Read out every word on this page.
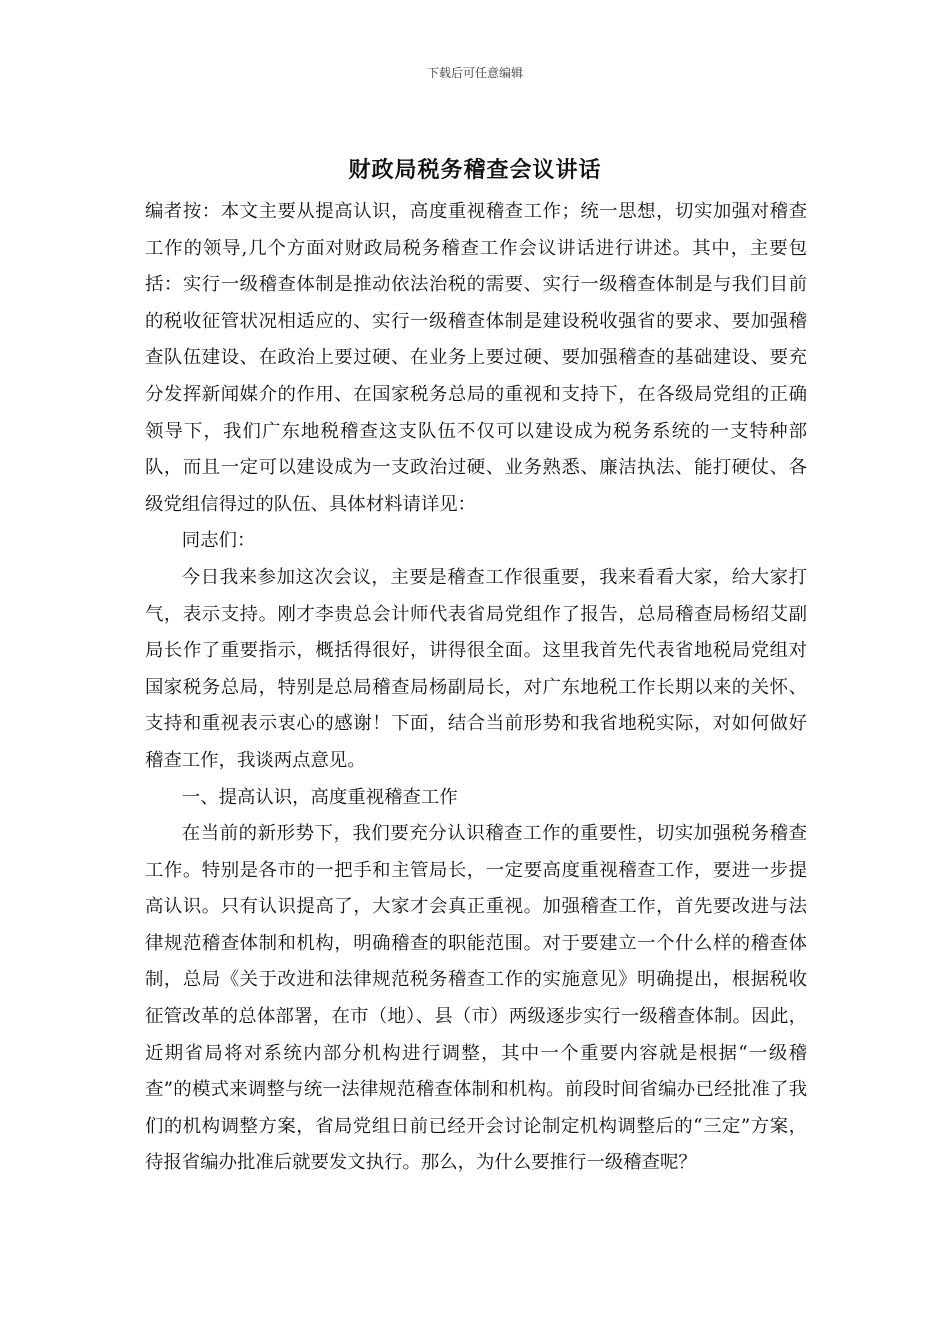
下载后可任意编辑
财政局税务稽查会议讲话

编者按：本文主要从提高认识，高度重视稽查工作；统一思想，切实加强对稽查工作的领导,几个方面对财政局税务稽查工作会议讲话进行讲述。其中，主要包括：实行一级稽查体制是推动依法治税的需要、实行一级稽查体制是与我们目前的税收征管状况相适应的、实行一级稽查体制是建设税收强省的要求、要加强稽查队伍建设、在政治上要过硬、在业务上要过硬、要加强稽查的基础建设、要充分发挥新闻媒介的作用、在国家税务总局的重视和支持下，在各级局党组的正确领导下，我们广东地税稽查这支队伍不仅可以建设成为税务系统的一支特种部队，而且一定可以建设成为一支政治过硬、业务熟悉、廉洁执法、能打硬仗、各级党组信得过的队伍、具体材料请详见：

同志们：

今日我来参加这次会议，主要是稽查工作很重要，我来看看大家，给大家打气，表示支持。刚才李贵总会计师代表省局党组作了报告，总局稽查局杨绍艾副局长作了重要指示，概括得很好，讲得很全面。这里我首先代表省地税局党组对国家税务总局，特别是总局稽查局杨副局长，对广东地税工作长期以来的关怀、支持和重视表示衷心的感谢！下面，结合当前形势和我省地税实际，对如何做好稽查工作，我谈两点意见。

一、提高认识，高度重视稽查工作

在当前的新形势下，我们要充分认识稽查工作的重要性，切实加强税务稽查工作。特别是各市的一把手和主管局长，一定要高度重视稽查工作，要进一步提高认识。只有认识提高了，大家才会真正重视。加强稽查工作，首先要改进与法律规范稽查体制和机构，明确稽查的职能范围。对于要建立一个什么样的稽查体制，总局《关于改进和法律规范税务稽查工作的实施意见》明确提出，根据税收征管改革的总体部署，在市（地）、县（市）两级逐步实行一级稽查体制。因此，近期省局将对系统内部分机构进行调整，其中一个重要内容就是根据“一级稽查”的模式来调整与统一法律规范稽查体制和机构。前段时间省编办已经批准了我们的机构调整方案，省局党组日前已经开会讨论制定机构调整后的“三定”方案，待报省编办批准后就要发文执行。那么，为什么要推行一级稽查呢？
